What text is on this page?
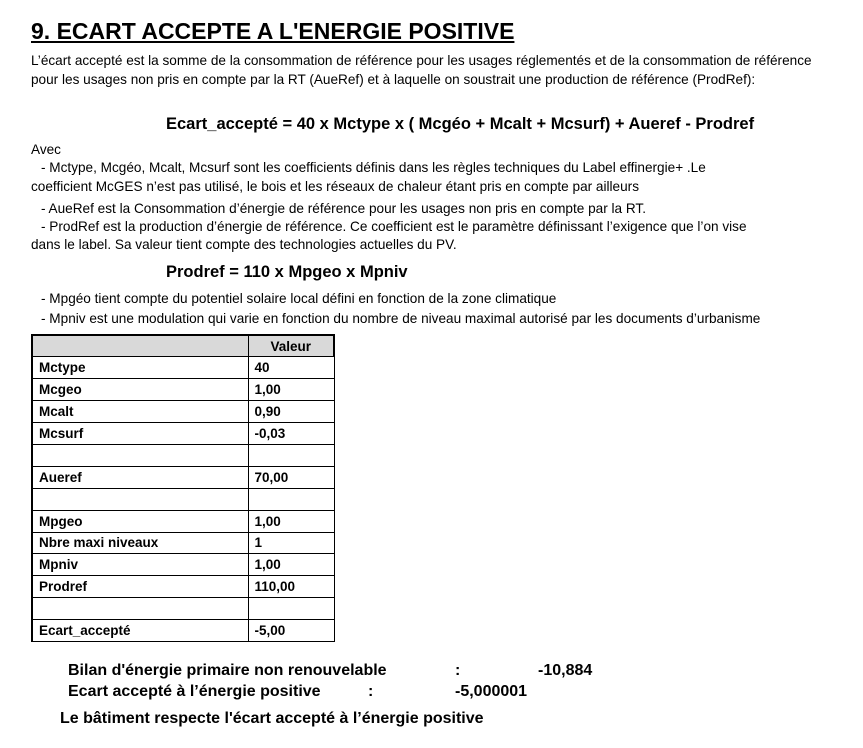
9. ECART ACCEPTE A L'ENERGIE POSITIVE
L’écart accepté est la somme de la consommation de référence pour les usages réglementés et de la consommation de référence pour les usages non pris en compte par la RT (AueRef) et à laquelle on soustrait une production de référence (ProdRef):
Ecart_accepté = 40 x Mctype x ( Mcgéo + Mcalt + Mcsurf) + Aueref - Prodref
Avec
- Mctype, Mcgéo, Mcalt, Mcsurf sont les coefficients définis dans les règles techniques du Label effinergie+ .Le
coefficient McGES n’est pas utilisé, le bois et les réseaux de chaleur étant pris en compte par ailleurs
- AueRef est la Consommation d’énergie de référence pour les usages non pris en compte par la RT.
- ProdRef est la production d’énergie de référence. Ce coefficient est le paramètre définissant l’exigence que l’on vise
dans le label. Sa valeur tient compte des technologies actuelles du PV.
Prodref = 110 x Mpgeo x Mpniv
- Mpgéo tient compte du potentiel solaire local défini en fonction de la zone climatique
- Mpniv est une modulation qui varie en fonction du nombre de niveau maximal autorisé par les documents d’urbanisme
	Valeur
Mctype	40
Mcgeo	1,00
Mcalt	0,90
Mcsurf	-0,03

Aueref	70,00

Mpgeo	1,00
Nbre maxi niveaux	1
Mpniv	1,00
Prodref	110,00

Ecart_accepté	-5,00
Bilan d'énergie primaire non renouvelable	:	-10,884
Ecart accepté à l’énergie positive	:	-5,000001
Le bâtiment respecte l'écart accepté à l’énergie positive
